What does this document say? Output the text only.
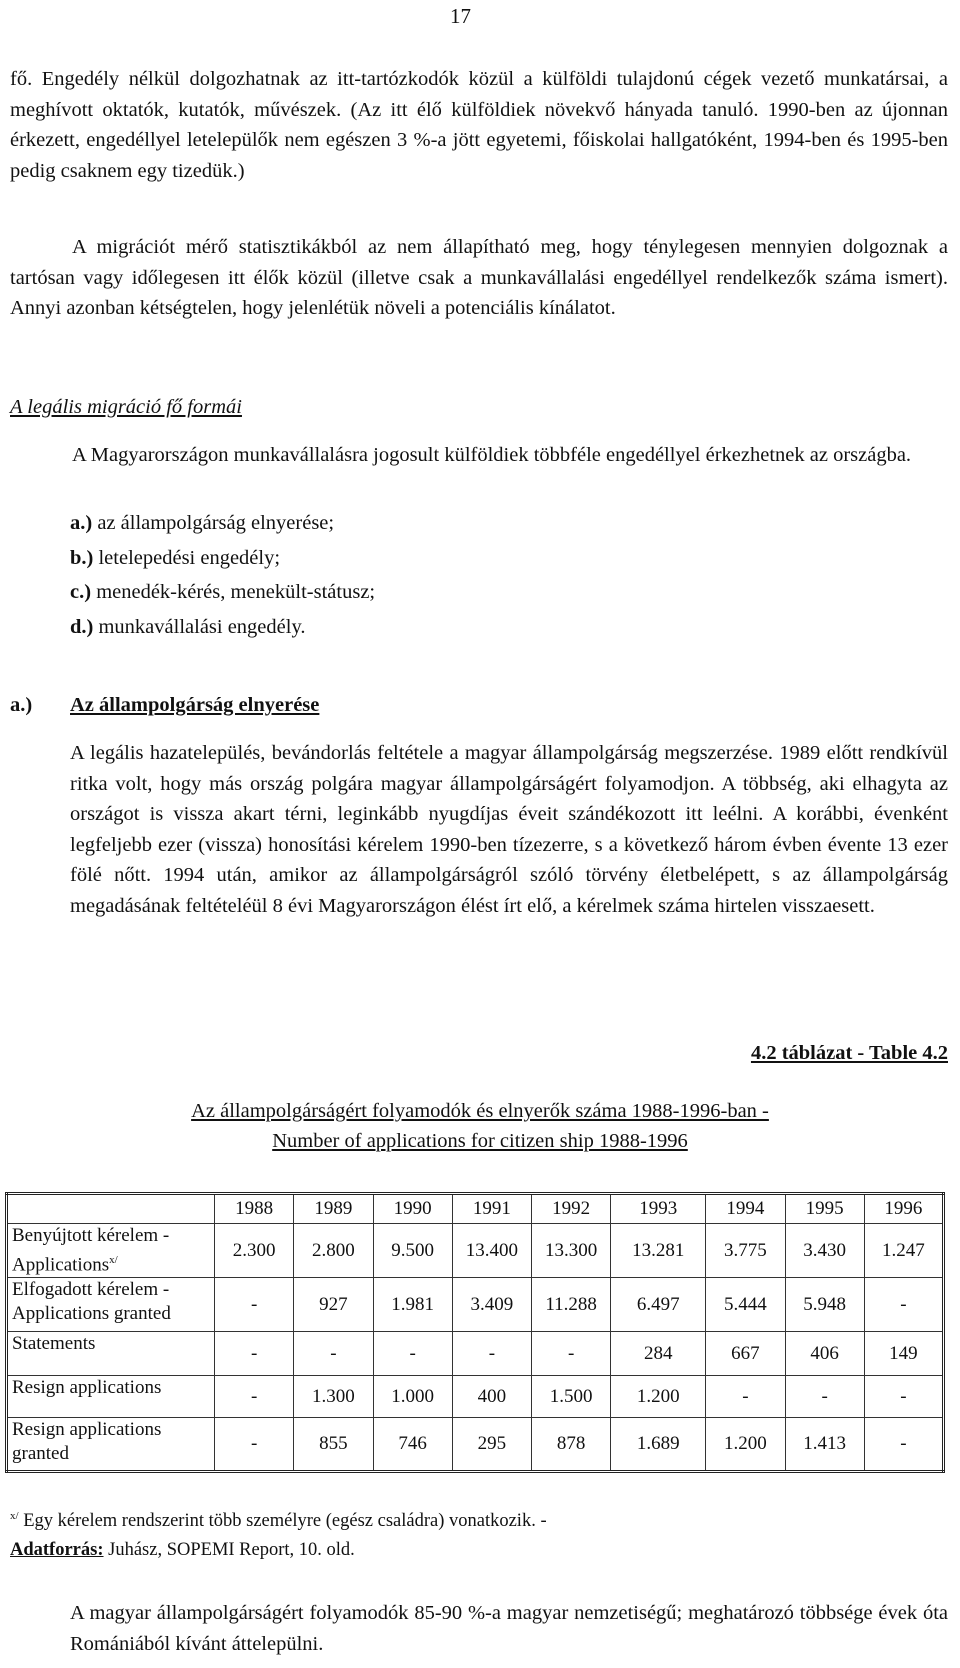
17

fő. Engedély nélkül dolgozhatnak az itt-tartózkodók közül a külföldi tulajdonú cégek vezető munkatársai, a meghívott oktatók, kutatók, művészek. (Az itt élő külföldiek növekvő hányada tanuló. 1990-ben az újonnan érkezett, engedéllyel letelepülők nem egészen 3 %-a jött egyetemi, főiskolai hallgatóként, 1994-ben és 1995-ben pedig csaknem egy tizedük.)

A migrációt mérő statisztikákból az nem állapítható meg, hogy ténylegesen mennyien dolgoznak a tartósan vagy időlegesen itt élők közül (illetve csak a munkavállalási engedéllyel rendelkezők száma ismert). Annyi azonban kétségtelen, hogy jelenlétük növeli a potenciális kínálatot.

A legális migráció fő formái

A Magyarországon munkavállalásra jogosult külföldiek többféle engedéllyel érkezhetnek az országba.

a.) az állampolgárság elnyerése;
b.) letelepedési engedély;
c.) menedék-kérés, menekült-státusz;
d.) munkavállalási engedély.
a.) Az állampolgárság elnyerése

A legális hazatelepülés, bevándorlás feltétele a magyar állampolgárság megszerzése. 1989 előtt rendkívül ritka volt, hogy más ország polgára magyar állampolgárságért folyamodjon. A többség, aki elhagyta az országot is vissza akart térni, leginkább nyugdíjas éveit szándékozott itt leélni. A korábbi, évenként legfeljebb ezer (vissza) honosítási kérelem 1990-ben tízezerre, s a következő három évben évente 13 ezer fölé nőtt. 1994 után, amikor az állampolgárságról szóló törvény életbelépett, s az állampolgárság megadásának feltételéül 8 évi Magyarországon élést írt elő, a kérelmek száma hirtelen visszaesett.

4.2 táblázat - Table 4.2
Az állampolgárságért folyamodók és elnyerők száma 1988-1996-ban -
Number of applications for citizen ship 1988-1996
	1988	1989	1990	1991	1992	1993	1994	1995	1996
Benyújtott kérelem -
Applications$^{x/}$	2.300	2.800	9.500	13.400	13.300	13.281	3.775	3.430	1.247
Elfogadott kérelem -
Applications granted	-	927	1.981	3.409	11.288	6.497	5.444	5.948	-
Statements	-	-	-	-	-	284	667	406	149
Resign applications	-	1.300	1.000	400	1.500	1.200	-	-	-
Resign applications
granted	-	855	746	295	878	1.689	1.200	1.413	-
$^{x/}$ Egy kérelem rendszerint több személyre (egész családra) vonatkozik. -
Adatforrás: Juhász, SOPEMI Report, 10. old.

A magyar állampolgárságért folyamodók 85-90 %-a magyar nemzetiségű; meghatározó többsége évek óta Romániából kívánt áttelepülni.
